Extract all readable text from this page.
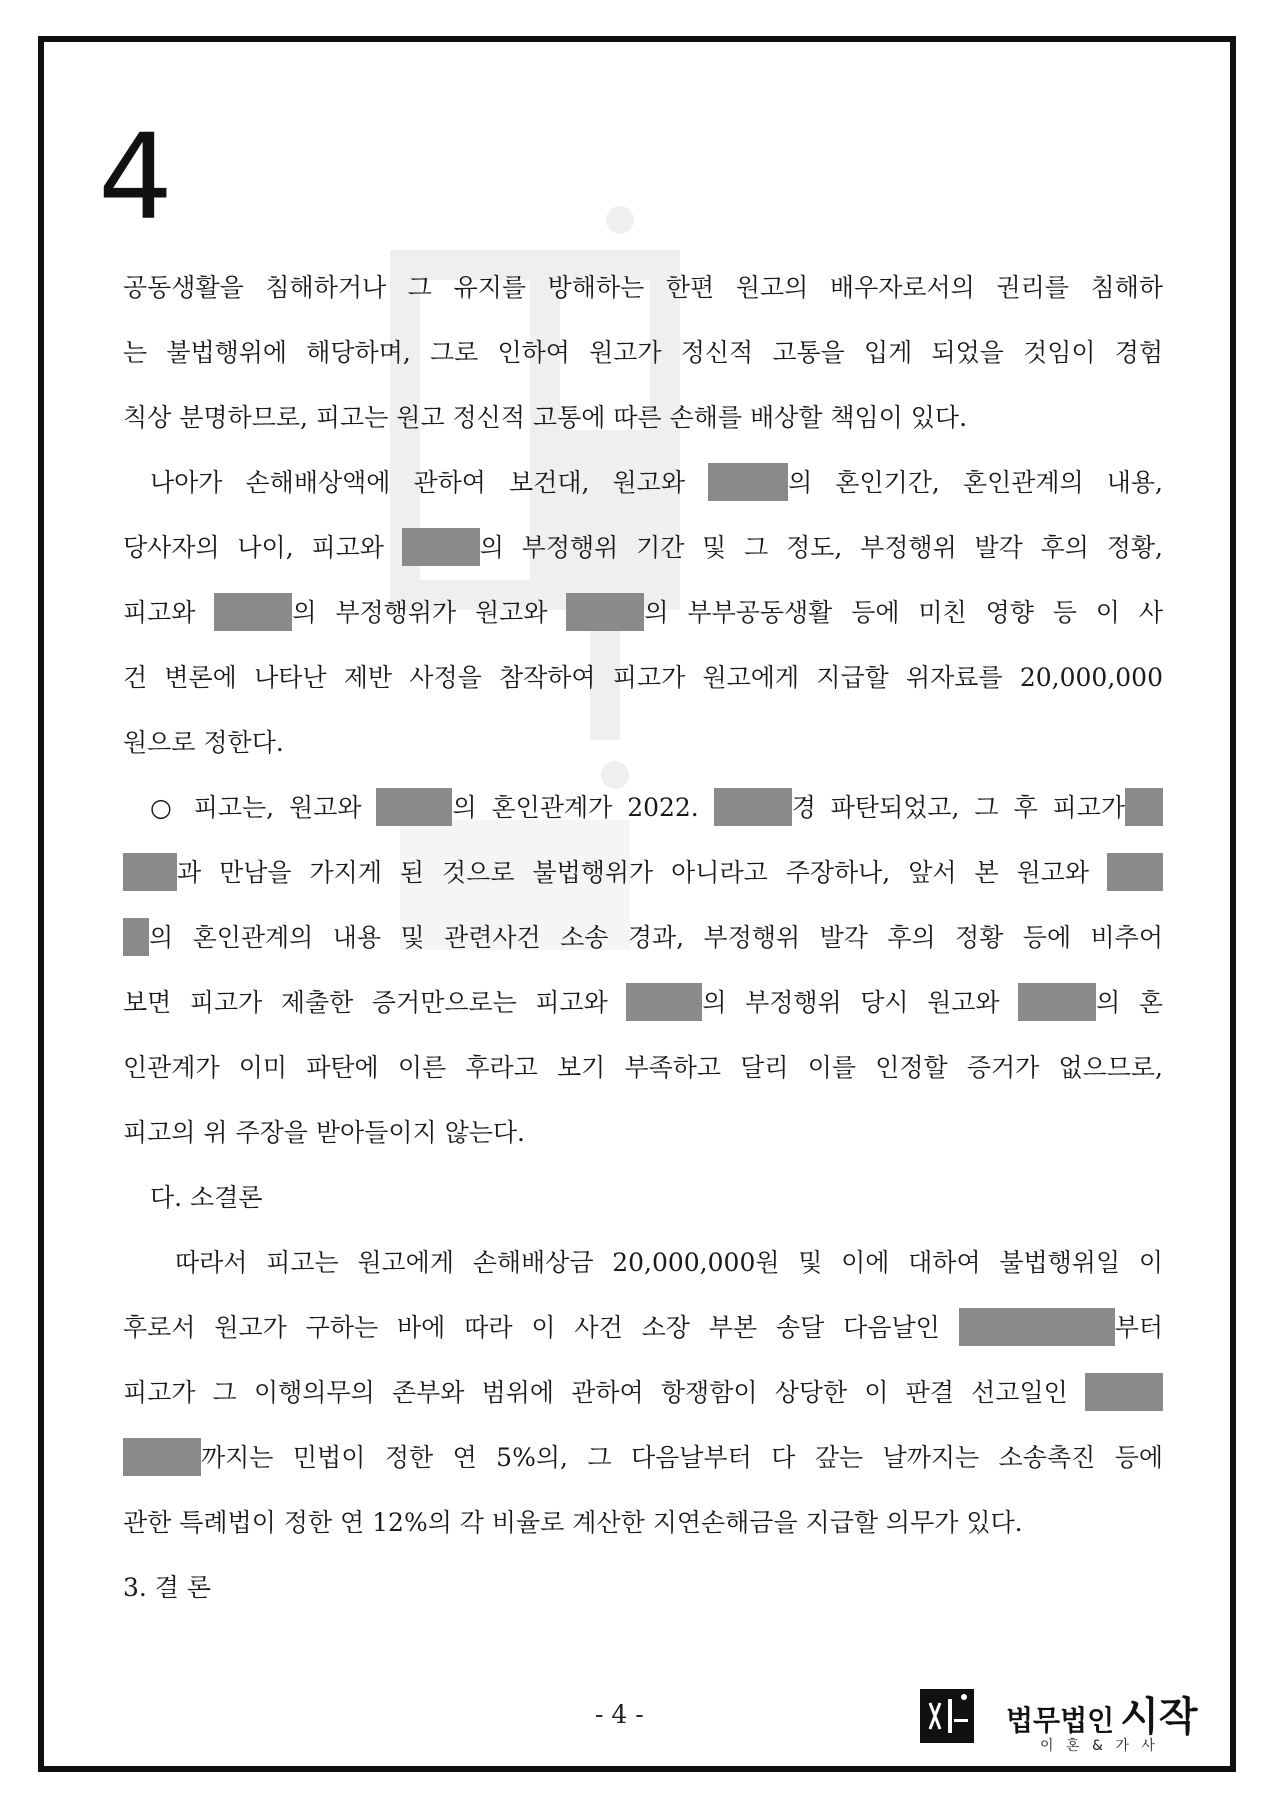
4
공동생활을 침해하거나 그 유지를 방해하는 한편 원고의 배우자로서의 권리를 침해하
는 불법행위에 해당하며, 그로 인하여 원고가 정신적 고통을 입게 되었을 것임이 경험
칙상 분명하므로, 피고는 원고 정신적 고통에 따른 손해를 배상할 책임이 있다.
나아가 손해배상액에 관하여 보건대, 원고와	의 혼인기간, 혼인관계의 내용,
당사자의 나이, 피고와	의 부정행위 기간 및 그 정도, 부정행위 발각 후의 정황,
피고와	의 부정행위가 원고와	의 부부공동생활 등에 미친 영향 등 이 사
건 변론에 나타난 제반 사정을 참작하여 피고가 원고에게 지급할 위자료를 20,000,000
원으로 정한다.
○ 피고는, 원고와	의 혼인관계가 2022.	경 파탄되었고, 그 후 피고가
과 만남을 가지게 된 것으로 불법행위가 아니라고 주장하나, 앞서 본 원고와
의 혼인관계의 내용 및 관련사건 소송 경과, 부정행위 발각 후의 정황 등에 비추어
보면 피고가 제출한 증거만으로는 피고와	의 부정행위 당시 원고와	의 혼
인관계가 이미 파탄에 이른 후라고 보기 부족하고 달리 이를 인정할 증거가 없으므로,
피고의 위 주장을 받아들이지 않는다.
다. 소결론
따라서 피고는 원고에게 손해배상금 20,000,000원 및 이에 대하여 불법행위일 이
후로서 원고가 구하는 바에 따라 이 사건 소장 부본 송달 다음날인	부터
피고가 그 이행의무의 존부와 범위에 관하여 항쟁함이 상당한 이 판결 선고일인
까지는 민법이 정한 연 5%의, 그 다음날부터 다 갚는 날까지는 소송촉진 등에
관한 특례법이 정한 연 12%의 각 비율로 계산한 지연손해금을 지급할 의무가 있다.
3. 결 론
- 4 -	법무법인 시작
이 혼 & 가 사
